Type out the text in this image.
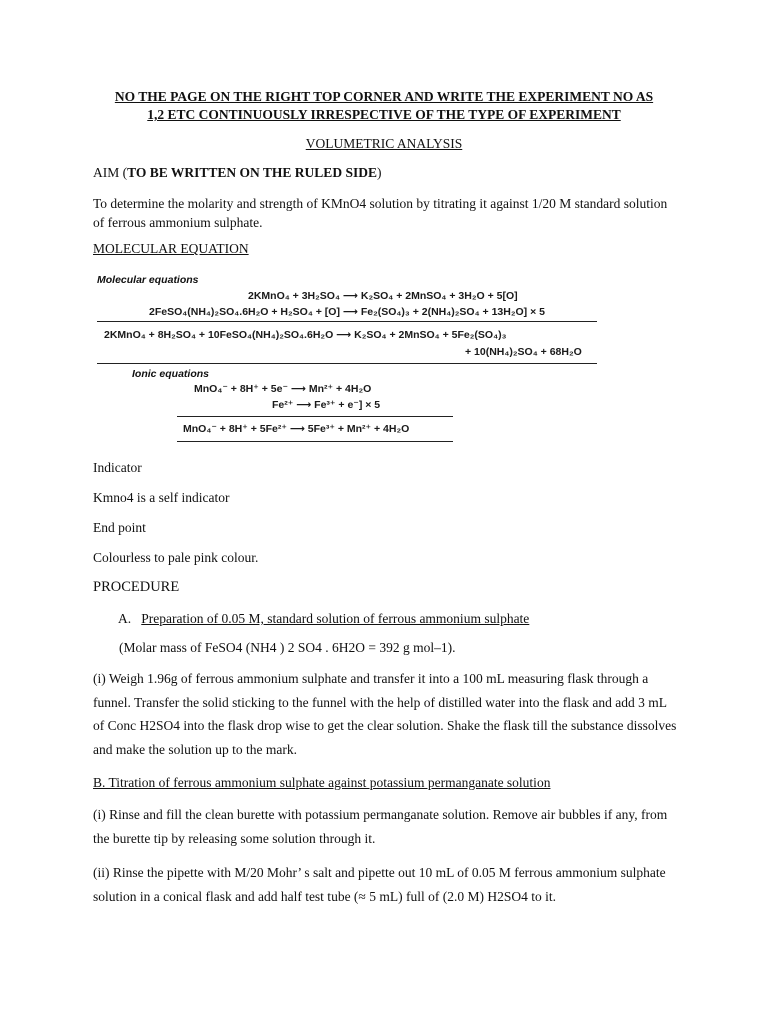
NO THE PAGE ON THE RIGHT TOP CORNER AND WRITE THE EXPERIMENT NO AS
1,2 ETC CONTINUOUSLY IRRESPECTIVE OF THE TYPE OF EXPERIMENT
VOLUMETRIC ANALYSIS
AIM (TO BE WRITTEN ON THE RULED SIDE)
To determine the molarity and strength of KMnO4 solution by titrating it against 1/20 M standard solution of ferrous ammonium sulphate.
MOLECULAR EQUATION
Molecular equations
2KMnO₄ + 3H₂SO₄ ⟶ K₂SO₄ + 2MnSO₄ + 3H₂O + 5[O]
2FeSO₄(NH₄)₂SO₄.6H₂O + H₂SO₄ + [O] ⟶ Fe₂(SO₄)₃ + 2(NH₄)₂SO₄ + 13H₂O] × 5
2KMnO₄ + 8H₂SO₄ + 10FeSO₄(NH₄)₂SO₄.6H₂O ⟶ K₂SO₄ + 2MnSO₄ + 5Fe₂(SO₄)₃
+ 10(NH₄)₂SO₄ + 68H₂O
Ionic equations
MnO₄⁻ + 8H⁺ + 5e⁻ ⟶ Mn²⁺ + 4H₂O
Fe²⁺ ⟶ Fe³⁺ + e⁻] × 5
MnO₄⁻ + 8H⁺ + 5Fe²⁺ ⟶ 5Fe³⁺ + Mn²⁺ + 4H₂O
Indicator
Kmno4 is a self indicator
End point
Colourless to pale pink colour.
PROCEDURE
A. Preparation of 0.05 M, standard solution of ferrous ammonium sulphate
(Molar mass of FeSO4 (NH4 ) 2 SO4 . 6H2O = 392 g mol–1).
(i) Weigh 1.96g of ferrous ammonium sulphate and transfer it into a 100 mL measuring flask through a funnel. Transfer the solid sticking to the funnel with the help of distilled water into the flask and add 3 mL of Conc H2SO4 into the flask drop wise to get the clear solution. Shake the flask till the substance dissolves and make the solution up to the mark.
B. Titration of ferrous ammonium sulphate against potassium permanganate solution
(i) Rinse and fill the clean burette with potassium permanganate solution. Remove air bubbles if any, from the burette tip by releasing some solution through it.
(ii) Rinse the pipette with M/20 Mohr’ s salt and pipette out 10 mL of 0.05 M ferrous ammonium sulphate solution in a conical flask and add half test tube (≈ 5 mL) full of (2.0 M) H2SO4 to it.
